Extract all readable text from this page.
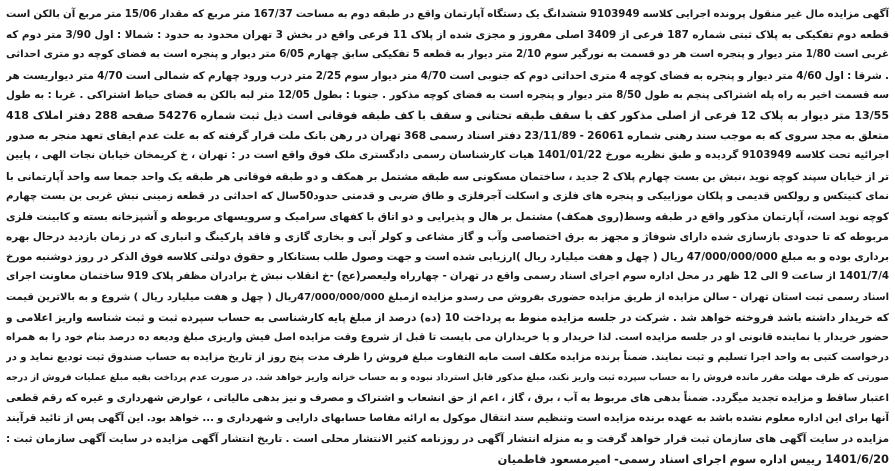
آگهی مزایده مال غیر منقول پرونده اجرایی کلاسه 9103949 ششدانگ یک دستگاه آپارتمان واقع در طبقه دوم به مساحت 167/37 متر مربع که مقدار 15/06 متر مربع آن بالکن است
قطعه دوم تفکیکی به پلاک ثبتی شماره 187 فرعی از 3409 اصلی مفروز و مجزی شده از پلاک 11 فرعی واقع در بخش 3 تهران محدود به حدود : شمالا : اول 3/90 متر دوم که
غربی است 1/80 متر دیوار و پنجره است هر دو قسمت به نورگیر سوم 2/10 متر دیوار به قطعه 5 تفکیکی سابق چهارم 6/05 متر دیوار و پنجره است به فضای کوچه دو متری احداثی
. شرقا : اول 4/60 متر دیوار و پنجره به فضای کوچه 4 متری احداثی دوم که جنوبی است 4/70 متر دیوار سوم 2/25 متر درب ورود چهارم که شمالی است 4/70 متر دیواریست هر
سه قسمت اخیر به راه پله اشتراکی پنجم به طول 8/50 متر دیوار و پنجره است به فضای کوچه مذکور . جنوبا : بطول 12/05 متر لبه بالکن به فضای حیاط اشتراکی . غربا : به طول
13/55 متر دیوار به پلاک 12 فرعی از اصلی مذکور کف با سقف طبقه تحتانی و سقف با کف طبقه فوقانی است ذیل ثبت شماره 54276 صفحه 288 دفتر املاک 418
متعلق به مجد سروی که به موجب سند رهنی شماره 26061 - 23/11/89 دفتر اسناد رسمی 368 تهران در رهن بانک ملت قرار گرفته که به علت عدم ایفای تعهد منجر به صدور
اجرائیه تحت کلاسه 9103949 گردیده و طبق نظریه مورخ 1401/01/22 هیات کارشناسان رسمی دادگستری ملک فوق واقع است در : تهران ، خ کریمخان خیابان نجات الهی ، پایین
تر از خیابان سپند کوچه نوید ،نبش بن بست چهارم پلاک 2 جدید ، ساختمان مسکونی سه طبقه مشتمل بر همکف و دو طبقه فوقانی هر طبقه یک واحد جمعا سه واحد آپارتمانی با
نمای کنیتکس و رولکس قدیمی و پلکان موزاییکی و پنجره های فلزی و اسکلت آجرفلزی و طاق ضربی و قدمتی حدود50سال که احداثی در قطعه زمینی نبش غربی بن بست چهارم
کوچه نوید است، آپارتمان مذکور واقع در طبقه وسط(روی همکف) مشتمل بر هال و پذیرایی و دو اتاق با کفهای سرامیک و سرویسهای مربوطه و آشپزخانه بسته و کابینت فلزی
مربوطه که تا حدودی بازسازی شده دارای شوفاژ و مجهز به برق اختصاصی وآب و گاز مشاعی و کولر آبی و بخاری گازی و فاقد پارکینگ و انباری که در زمان بازدید درحال بهره
برداری بوده و به مبلغ 47/000/000/000 ریال ( چهل و هفت میلیارد ریال )ارزیابی شده است و جهت وصول طلب بستانکار و حقوق دولتی کلاسه فوق الذکر در روز دوشنبه مورخ
1401/7/4 از ساعت 9 الی 12 ظهر در محل اداره سوم اجرای اسناد رسمی واقع در تهران - چهارراه ولیعصر(عج) -خ انقلاب نبش خ برادران مظفر پلاک 919 ساختمان معاونت اجرای
اسناد رسمی ثبت استان تهران - سالن مزایده از طریق مزایده حضوری بفروش می رسدو مزایده ازمبلغ 47/000/000/000ریال ( چهل و هفت میلیارد ریال ) شروع و به بالاترین قیمت
که خریدار داشته باشد فروخته خواهد شد . شرکت در جلسه مزایده منوط به پرداخت 10 (ده) درصد از مبلغ پایه کارشناسی به حساب سپرده ثبت و ثبت شناسه واریز اعلامی و
حضور خریدار یا نماینده قانونی او در جلسه مزایده است. لذا خریدار و یا خریداران می بایست تا قبل از شروع وقت مزایده اصل فیش واریزی مبلغ ودیعه ده درصد بنام خود را به همراه
درخواست کتبی به واحد اجرا تسلیم و ثبت نمایند. ضمناً برنده مزایده مکلف است مابه التفاوت مبلغ فروش را ظرف مدت پنج روز از تاریخ مزایده به حساب صندوق ثبت تودیع نماید و در
صورتی که ظرف مهلت مقرر مانده فروش را به حساب سپرده ثبت واریز نکند، مبلغ مذکور قابل استرداد نبوده و به حساب خزانه واریز خواهد شد. در صورت عدم پرداخت بقیه مبلغ عملیات فروش از درجه
اعتبار ساقط و مزایده تجدید میگردد. ضمناً بدهی های مربوط به آب ، برق ، گاز ، اعم از حق انشعاب و اشتراک و مصرف و نیز بدهی مالیاتی ، عوارض شهرداری و غیره که رقم قطعی
آنها برای این اداره معلوم نشده باشد به عهده برنده مزایده است وتنظیم سند انتقال موکول به ارائه مفاصا حسابهای دارایی و شهرداری و ... خواهد بود. این آگهی پس از تائید قرآیند
مزایده در سایت آگهی های سازمان ثبت قرار خواهد گرفت و به منزله انتشار آگهی در روزنامه کثیر الانتشار محلی است . تاریخ انتشار آگهی مزایده در سایت آگهی سازمان ثبت :
1401/6/20 رییس اداره سوم اجرای اسناد رسمی- امیرمسعود فاطمیان
